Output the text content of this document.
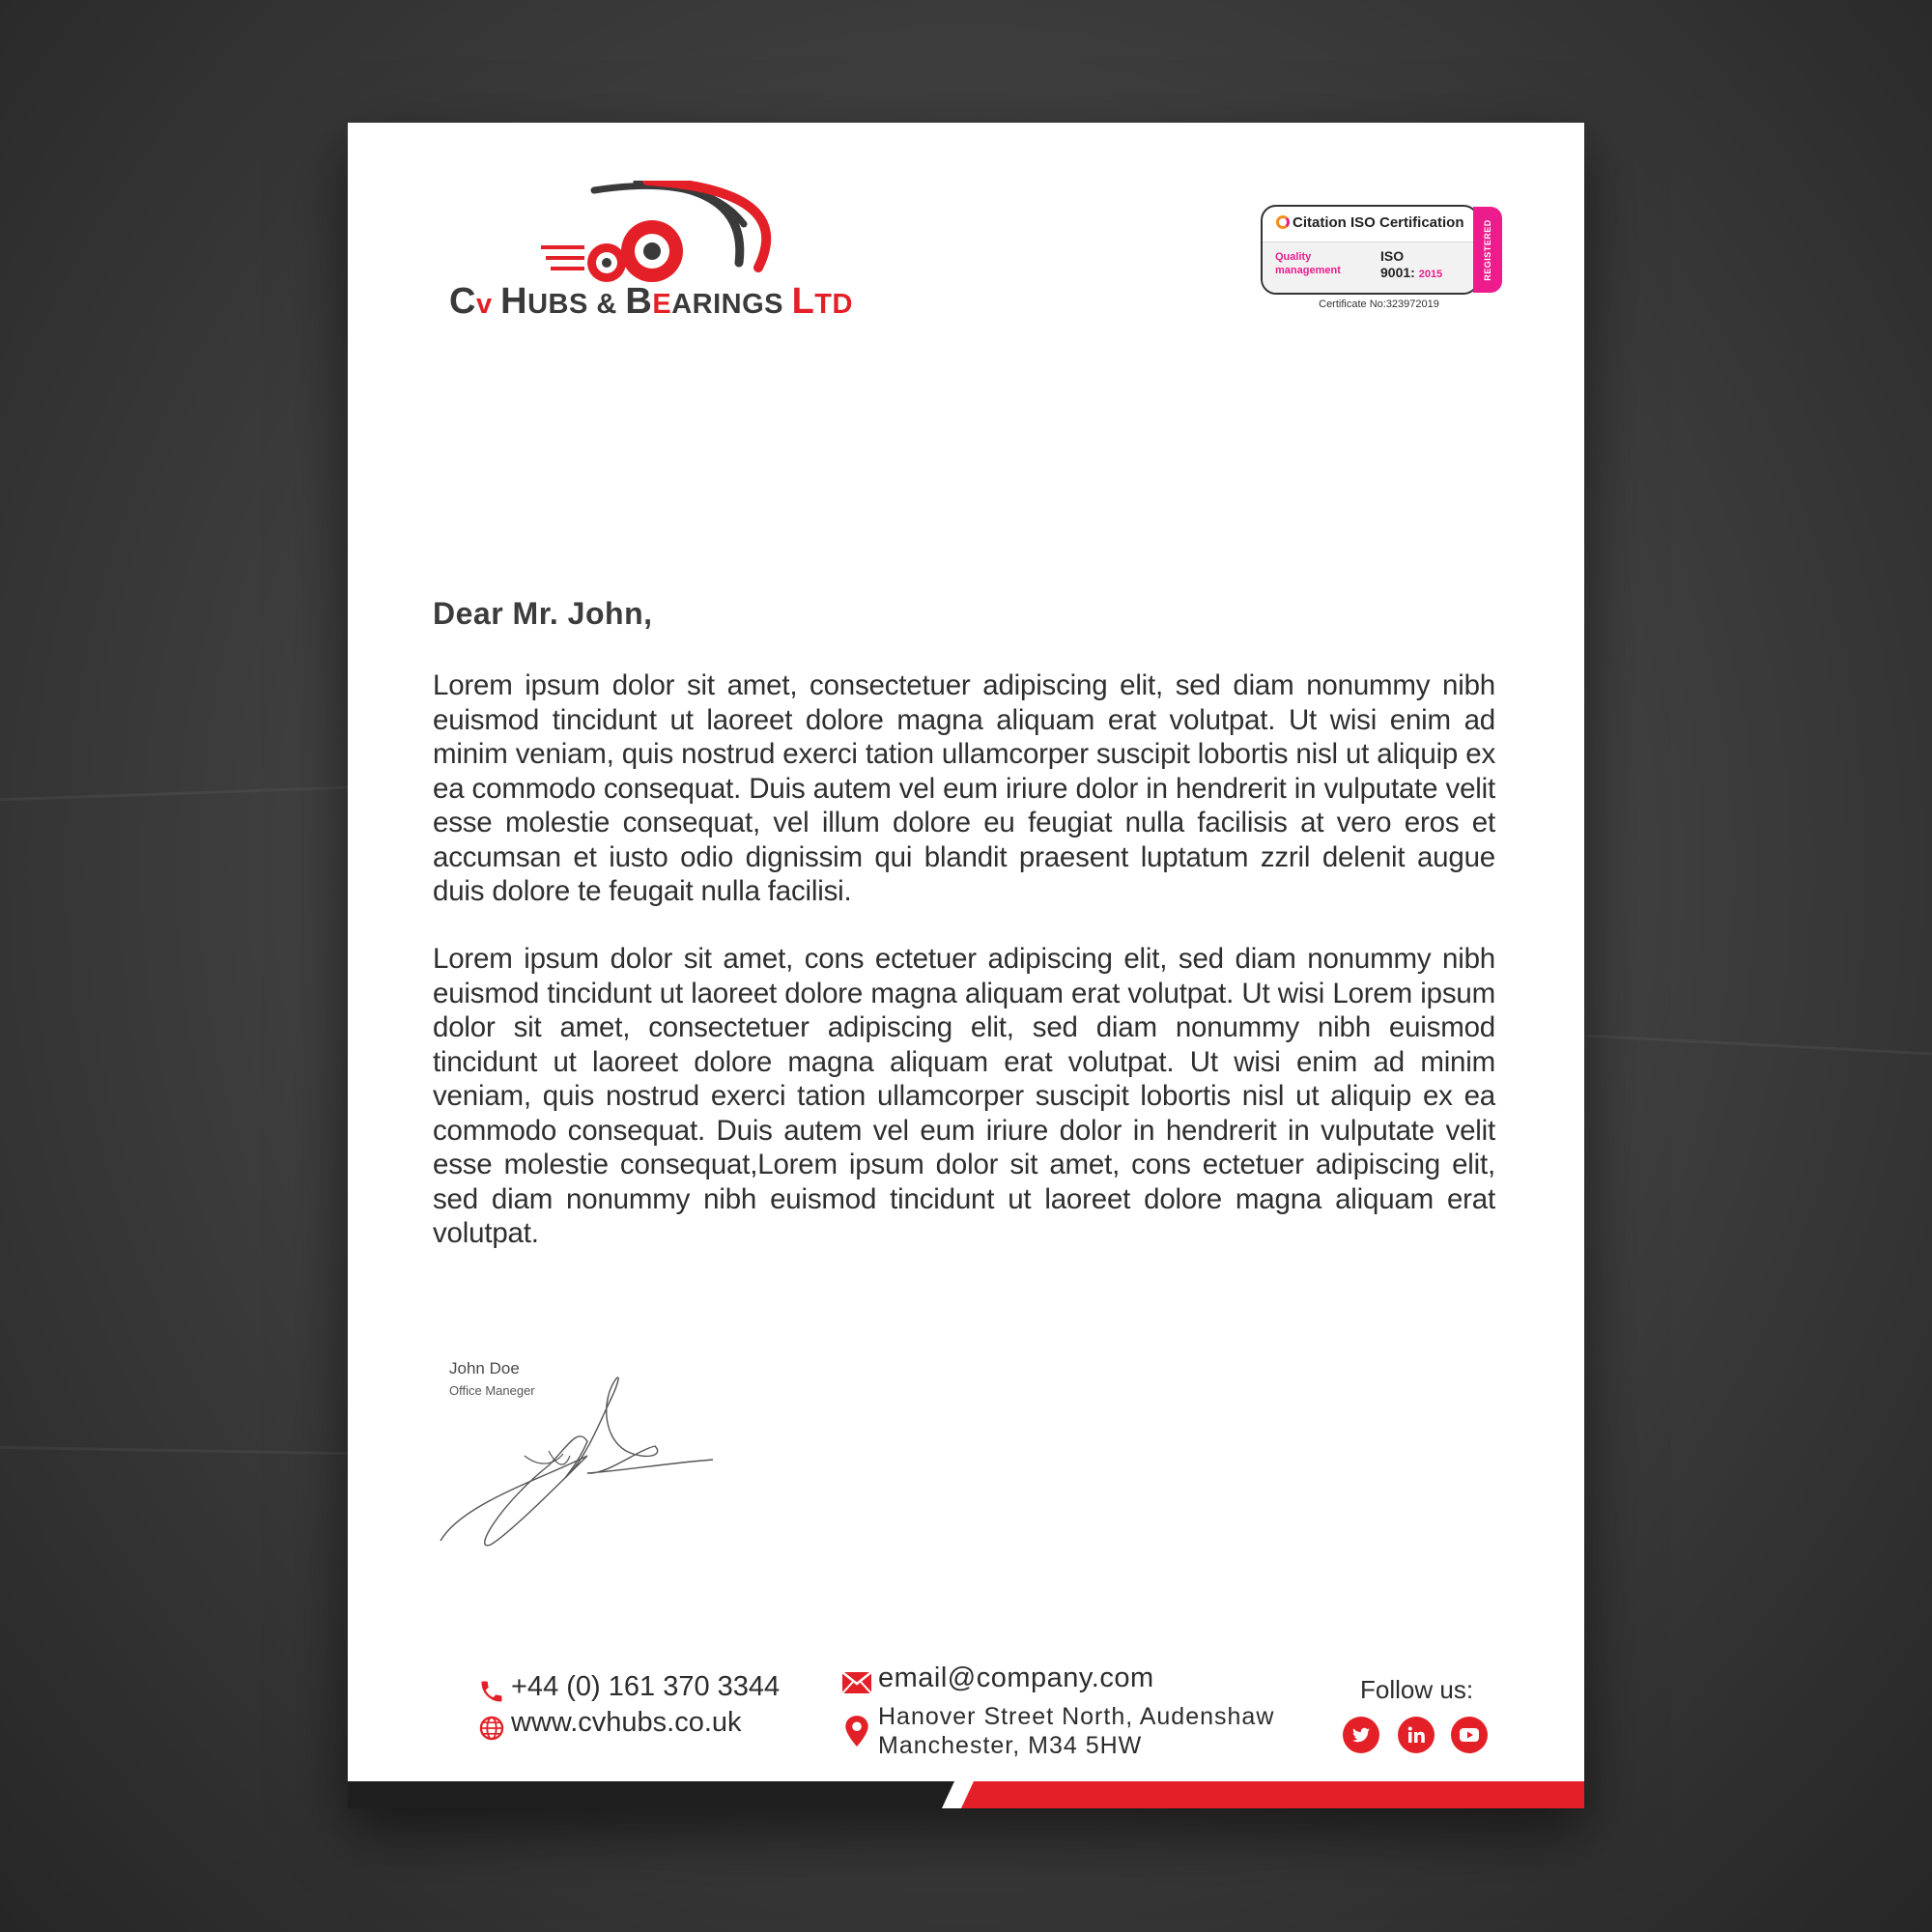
Cv HUBS & BEARINGS LTD
Citation ISO Certification
Quality management
ISO
9001: 2015	REGISTERED
Certificate No:323972019
Dear Mr. John,

Lorem ipsum dolor sit amet, consectetuer adipiscing elit, sed diam nonummy nibh euismod tincidunt ut laoreet dolore magna aliquam erat volutpat. Ut wisi enim ad minim veniam, quis nostrud exerci tation ullamcorper suscipit lobortis nisl ut aliquip ex ea commodo consequat. Duis autem vel eum iriure dolor in hendrerit in vulputate velit esse molestie consequat, vel illum dolore eu feugiat nulla facilisis at vero eros et accumsan et iusto odio dignissim qui blandit praesent luptatum zzril delenit augue duis dolore te feugait nulla facilisi.

Lorem ipsum dolor sit amet, cons ectetuer adipiscing elit, sed diam nonummy nibh euismod tincidunt ut laoreet dolore magna aliquam erat volutpat. Ut wisi Lorem ipsum dolor sit amet, consectetuer adipiscing elit, sed diam nonummy nibh euismod tincidunt ut laoreet dolore magna aliquam erat volutpat. Ut wisi enim ad minim veniam, quis nostrud exerci tation ullamcorper suscipit lobortis nisl ut aliquip ex ea commodo consequat. Duis autem vel eum iriure dolor in hendrerit in vulputate velit esse molestie consequat,Lorem ipsum dolor sit amet, cons ectetuer adipiscing elit, sed diam nonummy nibh euismod tincidunt ut laoreet dolore magna aliquam erat volutpat.

John Doe
Office Maneger
+44 (0) 161 370 3344
www.cvhubs.co.uk
email@company.com
Hanover Street North, Audenshaw
Manchester, M34 5HW
Follow us:
